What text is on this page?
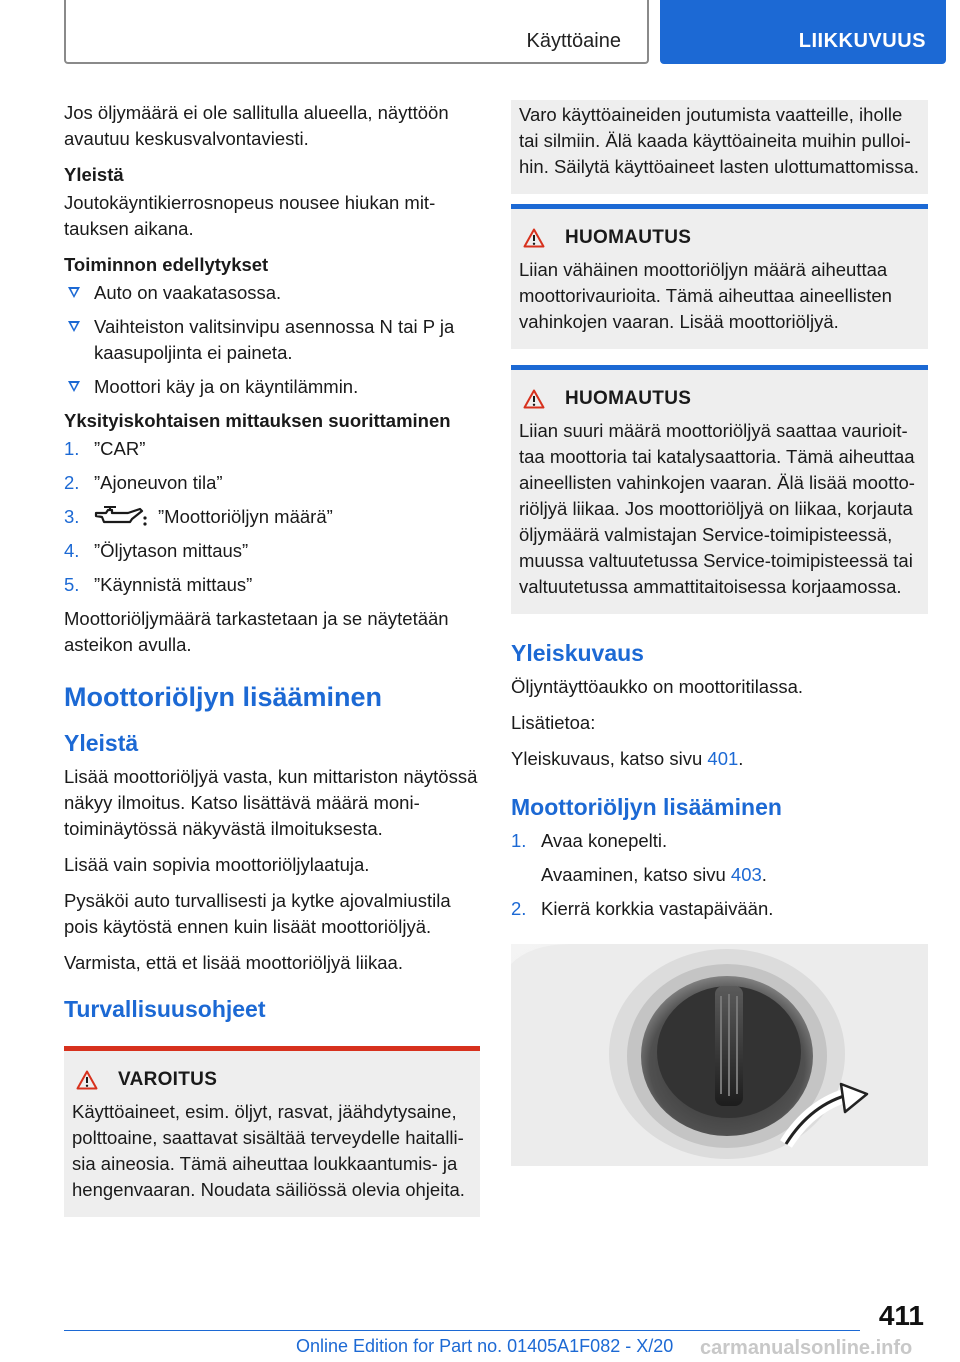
Käyttöaine	LIIKKUVUUS

Jos öljymäärä ei ole sallitulla alueella, näyttöön avautuu keskusvalvontaviesti.

Yleistä

Joutokäyntikierrosnopeus nousee hiukan mittauksen aikana.

Toiminnon edellytykset
Auto on vaakatasossa.
Vaihteiston valitsinvipu asennossa N tai P ja kaasupoljinta ei paineta.
Moottori käy ja on käyntilämmin.
Yksityiskohtaisen mittauksen suorittaminen
1. ”CAR”
2. ”Ajoneuvon tila”
3.	”Moottoriöljyn määrä”
4. ”Öljytason mittaus”
5. ”Käynnistä mittaus”

Moottoriöljymäärä tarkastetaan ja se näytetään asteikon avulla.

Moottoriöljyn lisääminen
Yleistä

Lisää moottoriöljyä vasta, kun mittariston näytössä näkyy ilmoitus. Katso lisättävä määrä monitoiminäytössä näkyvästä ilmoituksesta.

Lisää vain sopivia moottoriöljylaatuja.

Pysäköi auto turvallisesti ja kytke ajovalmiustila pois käytöstä ennen kuin lisäät moottoriöljyä.

Varmista, että et lisää moottoriöljyä liikaa.

Turvallisuusohjeet
VAROITUS

Käyttöaineet, esim. öljyt, rasvat, jäähdytysaine, polttoaine, saattavat sisältää terveydelle haitallisia aineosia. Tämä aiheuttaa loukkaantumis- ja hengenvaaran. Noudata säiliössä olevia ohjeita.

Varo käyttöaineiden joutumista vaatteille, iholle tai silmiin. Älä kaada käyttöaineita muihin pulloihin. Säilytä käyttöaineet lasten ulottumattomissa.

HUOMAUTUS

Liian vähäinen moottoriöljyn määrä aiheuttaa moottorivaurioita. Tämä aiheuttaa aineellisten vahinkojen vaaran. Lisää moottoriöljyä.

HUOMAUTUS

Liian suuri määrä moottoriöljyä saattaa vaurioittaa moottoria tai katalysaattoria. Tämä aiheuttaa aineellisten vahinkojen vaaran. Älä lisää moottoriöljyä liikaa. Jos moottoriöljyä on liikaa, korjauta öljymäärä valmistajan Service-toimipisteessä, muussa valtuutetussa Service-toimipisteessä tai valtuutetussa ammattitaitoisessa korjaamossa.

Yleiskuvaus

Öljyntäyttöaukko on moottoritilassa.

Lisätietoa:

Yleiskuvaus, katso sivu 401.

Moottoriöljyn lisääminen
1. Avaa konepelti.
Avaaminen, katso sivu 403.
2. Kierrä korkkia vastapäivään.
411
Online Edition for Part no. 01405A1F082 - X/20 carmanualsonline.info
